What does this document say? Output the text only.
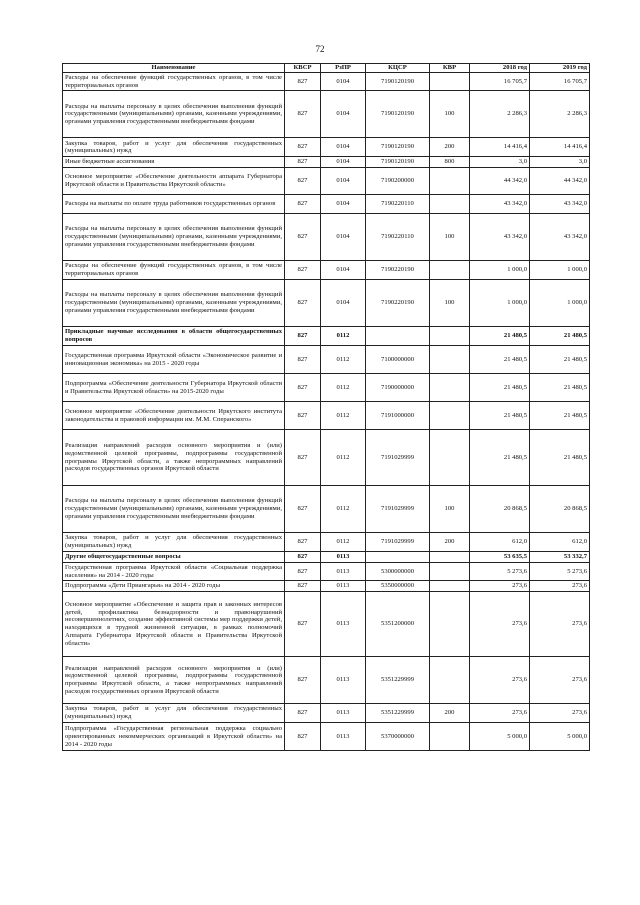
72
Наименование	КВСР	РзПР	КЦСР	КВР	2018 год	2019 год
Расходы на обеспечение функций государственных органов, в том числе территориальных органов	827	0104	7190120190		16 705,7	16 705,7
Расходы на выплаты персоналу в целях обеспечения выполнения функций государственными (муниципальными) органами, казенными учреждениями, органами управления государственными внебюджетными фондами	827	0104	7190120190	100	2 286,3	2 286,3
Закупка товаров, работ и услуг для обеспечения государственных (муниципальных) нужд	827	0104	7190120190	200	14 416,4	14 416,4
Иные бюджетные ассигнования	827	0104	7190120190	800	3,0	3,0
Основное мероприятие «Обеспечение деятельности аппарата Губернатора Иркутской области и Правительства Иркутской области»	827	0104	7190200000		44 342,0	44 342,0
Расходы на выплаты по оплате труда работников государственных органов	827	0104	7190220110		43 342,0	43 342,0
Расходы на выплаты персоналу в целях обеспечения выполнения функций государственными (муниципальными) органами, казенными учреждениями, органами управления государственными внебюджетными фондами	827	0104	7190220110	100	43 342,0	43 342,0
Расходы на обеспечение функций государственных органов, в том числе территориальных органов	827	0104	7190220190		1 000,0	1 000,0
Расходы на выплаты персоналу в целях обеспечения выполнения функций государственными (муниципальными) органами, казенными учреждениями, органами управления государственными внебюджетными фондами	827	0104	7190220190	100	1 000,0	1 000,0
Прикладные научные исследования в области общегосударственных вопросов	827	0112			21 480,5	21 480,5
Государственная программа Иркутской области «Экономическое развитие и инновационная экономика» на 2015 - 2020 годы	827	0112	7100000000		21 480,5	21 480,5
Подпрограмма «Обеспечение деятельности Губернатора Иркутской области и Правительства Иркутской области» на 2015-2020 годы	827	0112	7190000000		21 480,5	21 480,5
Основное мероприятие «Обеспечение деятельности Иркутского института законодательства и правовой информации им. М.М. Сперанского»	827	0112	7191000000		21 480,5	21 480,5
Реализация направлений расходов основного мероприятия и (или) ведомственной целевой программы, подпрограммы государственной программы Иркутской области, а также непрограммных направлений расходов государственных органов Иркутской области	827	0112	7191029999		21 480,5	21 480,5
Расходы на выплаты персоналу в целях обеспечения выполнения функций государственными (муниципальными) органами, казенными учреждениями, органами управления государственными внебюджетными фондами	827	0112	7191029999	100	20 868,5	20 868,5
Закупка товаров, работ и услуг для обеспечения государственных (муниципальных) нужд	827	0112	7191029999	200	612,0	612,0
Другие общегосударственные вопросы	827	0113			53 635,5	53 332,7
Государственная программа Иркутской области «Социальная поддержка населения» на 2014 - 2020 годы	827	0113	5300000000		5 273,6	5 273,6
Подпрограмма «Дети Приангарья» на 2014 - 2020 годы	827	0113	5350000000		273,6	273,6
Основное мероприятие «Обеспечение и защита прав и законных интересов детей, профилактика безнадзорности и правонарушений несовершеннолетних, создание эффективной системы мер поддержки детей, находящихся в трудной жизненной ситуации, в рамках полномочий Аппарата Губернатора Иркутской области и Правительства Иркутской области»	827	0113	5351200000		273,6	273,6
Реализация направлений расходов основного мероприятия и (или) ведомственной целевой программы, подпрограммы государственной программы Иркутской области, а также непрограммных направлений расходов государственных органов Иркутской области	827	0113	5351229999		273,6	273,6
Закупка товаров, работ и услуг для обеспечения государственных (муниципальных) нужд	827	0113	5351229999	200	273,6	273,6
Подпрограмма «Государственная региональная поддержка социально ориентированных некоммерческих организаций в Иркутской области» на 2014 - 2020 годы	827	0113	5370000000		5 000,0	5 000,0
